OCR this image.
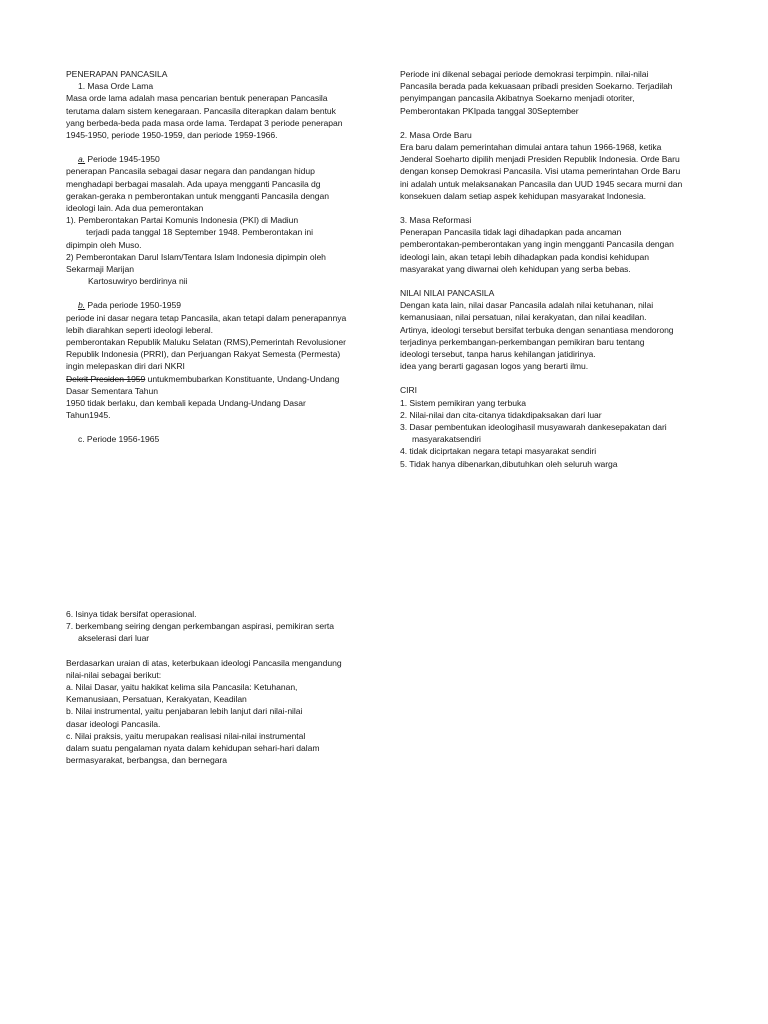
PENERAPAN PANCASILA

1. Masa Orde Lama

Masa orde lama adalah masa pencarian bentuk penerapan Pancasila

terutama dalam sistem kenegaraan. Pancasila diterapkan dalam bentuk

yang berbeda-beda pada masa orde lama. Terdapat 3 periode penerapan

1945-1950, periode 1950-1959, dan periode 1959-1966.

a. Periode 1945-1950

penerapan Pancasila sebagai dasar negara dan pandangan hidup

menghadapi berbagai masalah. Ada upaya mengganti Pancasila dg

gerakan-geraka n pemberontakan untuk mengganti Pancasila dengan

ideologi lain. Ada dua pemerontakan

1). Pemberontakan Partai Komunis Indonesia (PKI) di Madiun

terjadi pada tanggal 18 September 1948. Pemberontakan ini

dipimpin oleh Muso.

2) Pemberontakan Darul Islam/Tentara Islam Indonesia dipimpin oleh

Sekarmaji Marijan

Kartosuwiryo berdirinya nii

b. Pada periode 1950-1959

periode ini dasar negara tetap Pancasila, akan tetapi dalam penerapannya

lebih diarahkan seperti ideologi leberal.

pemberontakan Republik Maluku Selatan (RMS),Pemerintah Revolusioner

Republik Indonesia (PRRI), dan Perjuangan Rakyat Semesta (Permesta)

ingin melepaskan diri dari NKRI

Dekrit Presiden 1959 untukmembubarkan Konstituante, Undang-Undang

Dasar Sementara Tahun

1950 tidak berlaku, dan kembali kepada Undang-Undang Dasar

Tahun1945.

c. Periode 1956-1965

Periode ini dikenal sebagai periode demokrasi terpimpin. nilai-nilai

Pancasila berada pada kekuasaan pribadi presiden Soekarno. Terjadilah

penyimpangan pancasila Akibatnya Soekarno menjadi otoriter,

Pemberontakan PKIpada tanggal 30September

2. Masa Orde Baru

Era baru dalam pemerintahan dimulai antara tahun 1966-1968, ketika

Jenderal Soeharto dipilih menjadi Presiden Republik Indonesia. Orde Baru

dengan konsep Demokrasi Pancasila. Visi utama pemerintahan Orde Baru

ini adalah untuk melaksanakan Pancasila dan UUD 1945 secara murni dan

konsekuen dalam setiap aspek kehidupan masyarakat Indonesia.

3. Masa Reformasi

Penerapan Pancasila tidak lagi dihadapkan pada ancaman

pemberontakan-pemberontakan yang ingin mengganti Pancasila dengan

ideologi lain, akan tetapi lebih dihadapkan pada kondisi kehidupan

masyarakat yang diwarnai oleh kehidupan yang serba bebas.

NILAI NILAI PANCASILA

Dengan kata lain, nilai dasar Pancasila adalah nilai ketuhanan, nilai

kemanusiaan, nilai persatuan, nilai kerakyatan, dan nilai keadilan.

Artinya, ideologi tersebut bersifat terbuka dengan senantiasa mendorong

terjadinya perkembangan-perkembangan pemikiran baru tentang

ideologi tersebut, tanpa harus kehilangan jatidirinya.

idea yang berarti gagasan logos yang berarti ilmu.

CIRI

1. Sistem pemikiran yang terbuka

2. Nilai-nilai dan cita-citanya tidakdipaksakan dari luar

3. Dasar pembentukan ideologihasil musyawarah dankesepakatan dari

masyarakatsendiri

4. tidak diciprtakan negara tetapi masyarakat sendiri

5. Tidak hanya dibenarkan,dibutuhkan oleh seluruh warga

6. Isinya tidak bersifat operasional.

7. berkembang seiring dengan perkembangan aspirasi, pemikiran serta

akselerasi dari luar

Berdasarkan uraian di atas, keterbukaan ideologi Pancasila mengandung

nilai-nilai sebagai berikut:

a. Nilai Dasar, yaitu hakikat kelima sila Pancasila: Ketuhanan,

Kemanusiaan, Persatuan, Kerakyatan, Keadilan

b. Nilai instrumental, yaitu penjabaran lebih lanjut dari nilai-nilai

dasar ideologi Pancasila.

c. Nilai praksis, yaitu merupakan realisasi nilai-nilai instrumental

dalam suatu pengalaman nyata dalam kehidupan sehari-hari dalam

bermasyarakat, berbangsa, dan bernegara
